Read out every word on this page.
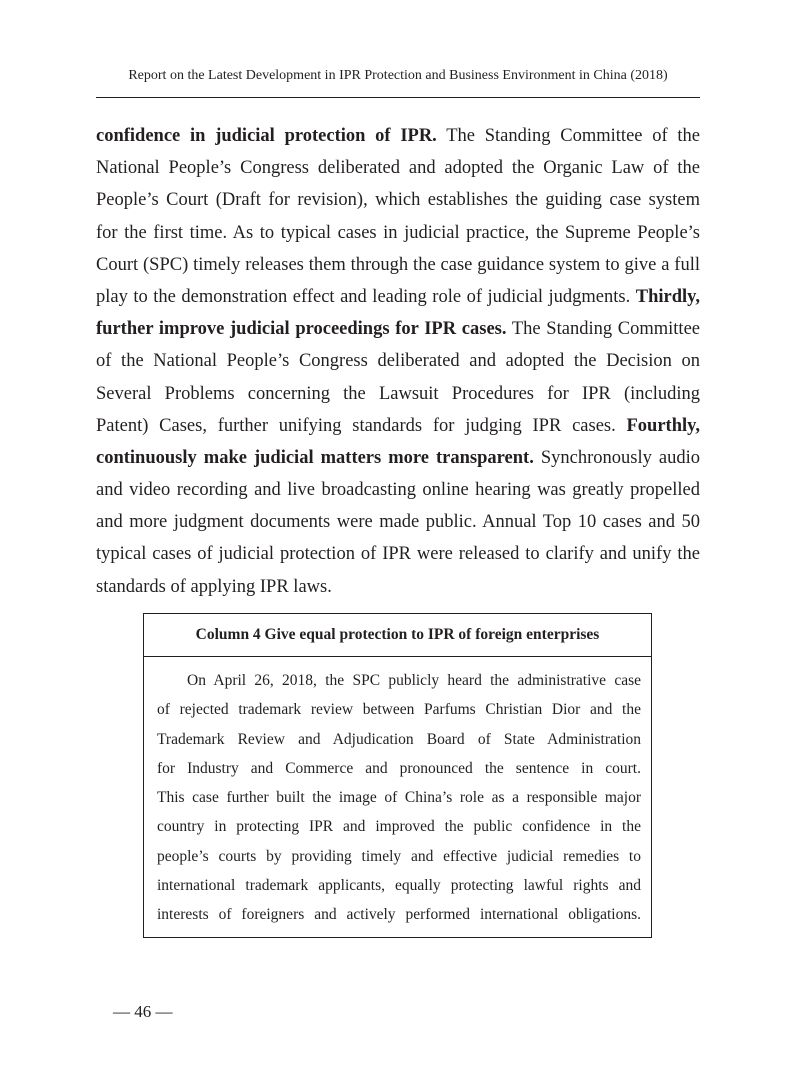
Report on the Latest Development in IPR Protection and Business Environment in China (2018)
confidence in judicial protection of IPR. The Standing Committee of the
National People’s Congress deliberated and adopted the Organic Law of the
People’s Court (Draft for revision), which establishes the guiding case system
for the first time. As to typical cases in judicial practice, the Supreme People’s
Court (SPC) timely releases them through the case guidance system to give a full
play to the demonstration effect and leading role of judicial judgments. Thirdly,
further improve judicial proceedings for IPR cases. The Standing Committee
of the National People’s Congress deliberated and adopted the Decision on
Several Problems concerning the Lawsuit Procedures for IPR (including
Patent) Cases, further unifying standards for judging IPR cases. Fourthly,
continuously make judicial matters more transparent. Synchronously audio
and video recording and live broadcasting online hearing was greatly propelled
and more judgment documents were made public. Annual Top 10 cases and 50
typical cases of judicial protection of IPR were released to clarify and unify the
standards of applying IPR laws.
Column 4 Give equal protection to IPR of foreign enterprises
On April 26, 2018, the SPC publicly heard the administrative case
of rejected trademark review between Parfums Christian Dior and the
Trademark Review and Adjudication Board of State Administration
for Industry and Commerce and pronounced the sentence in court.
This case further built the image of China’s role as a responsible major
country in protecting IPR and improved the public confidence in the
people’s courts by providing timely and effective judicial remedies to
international trademark applicants, equally protecting lawful rights and
interests of foreigners and actively performed international obligations.
— 46 —
